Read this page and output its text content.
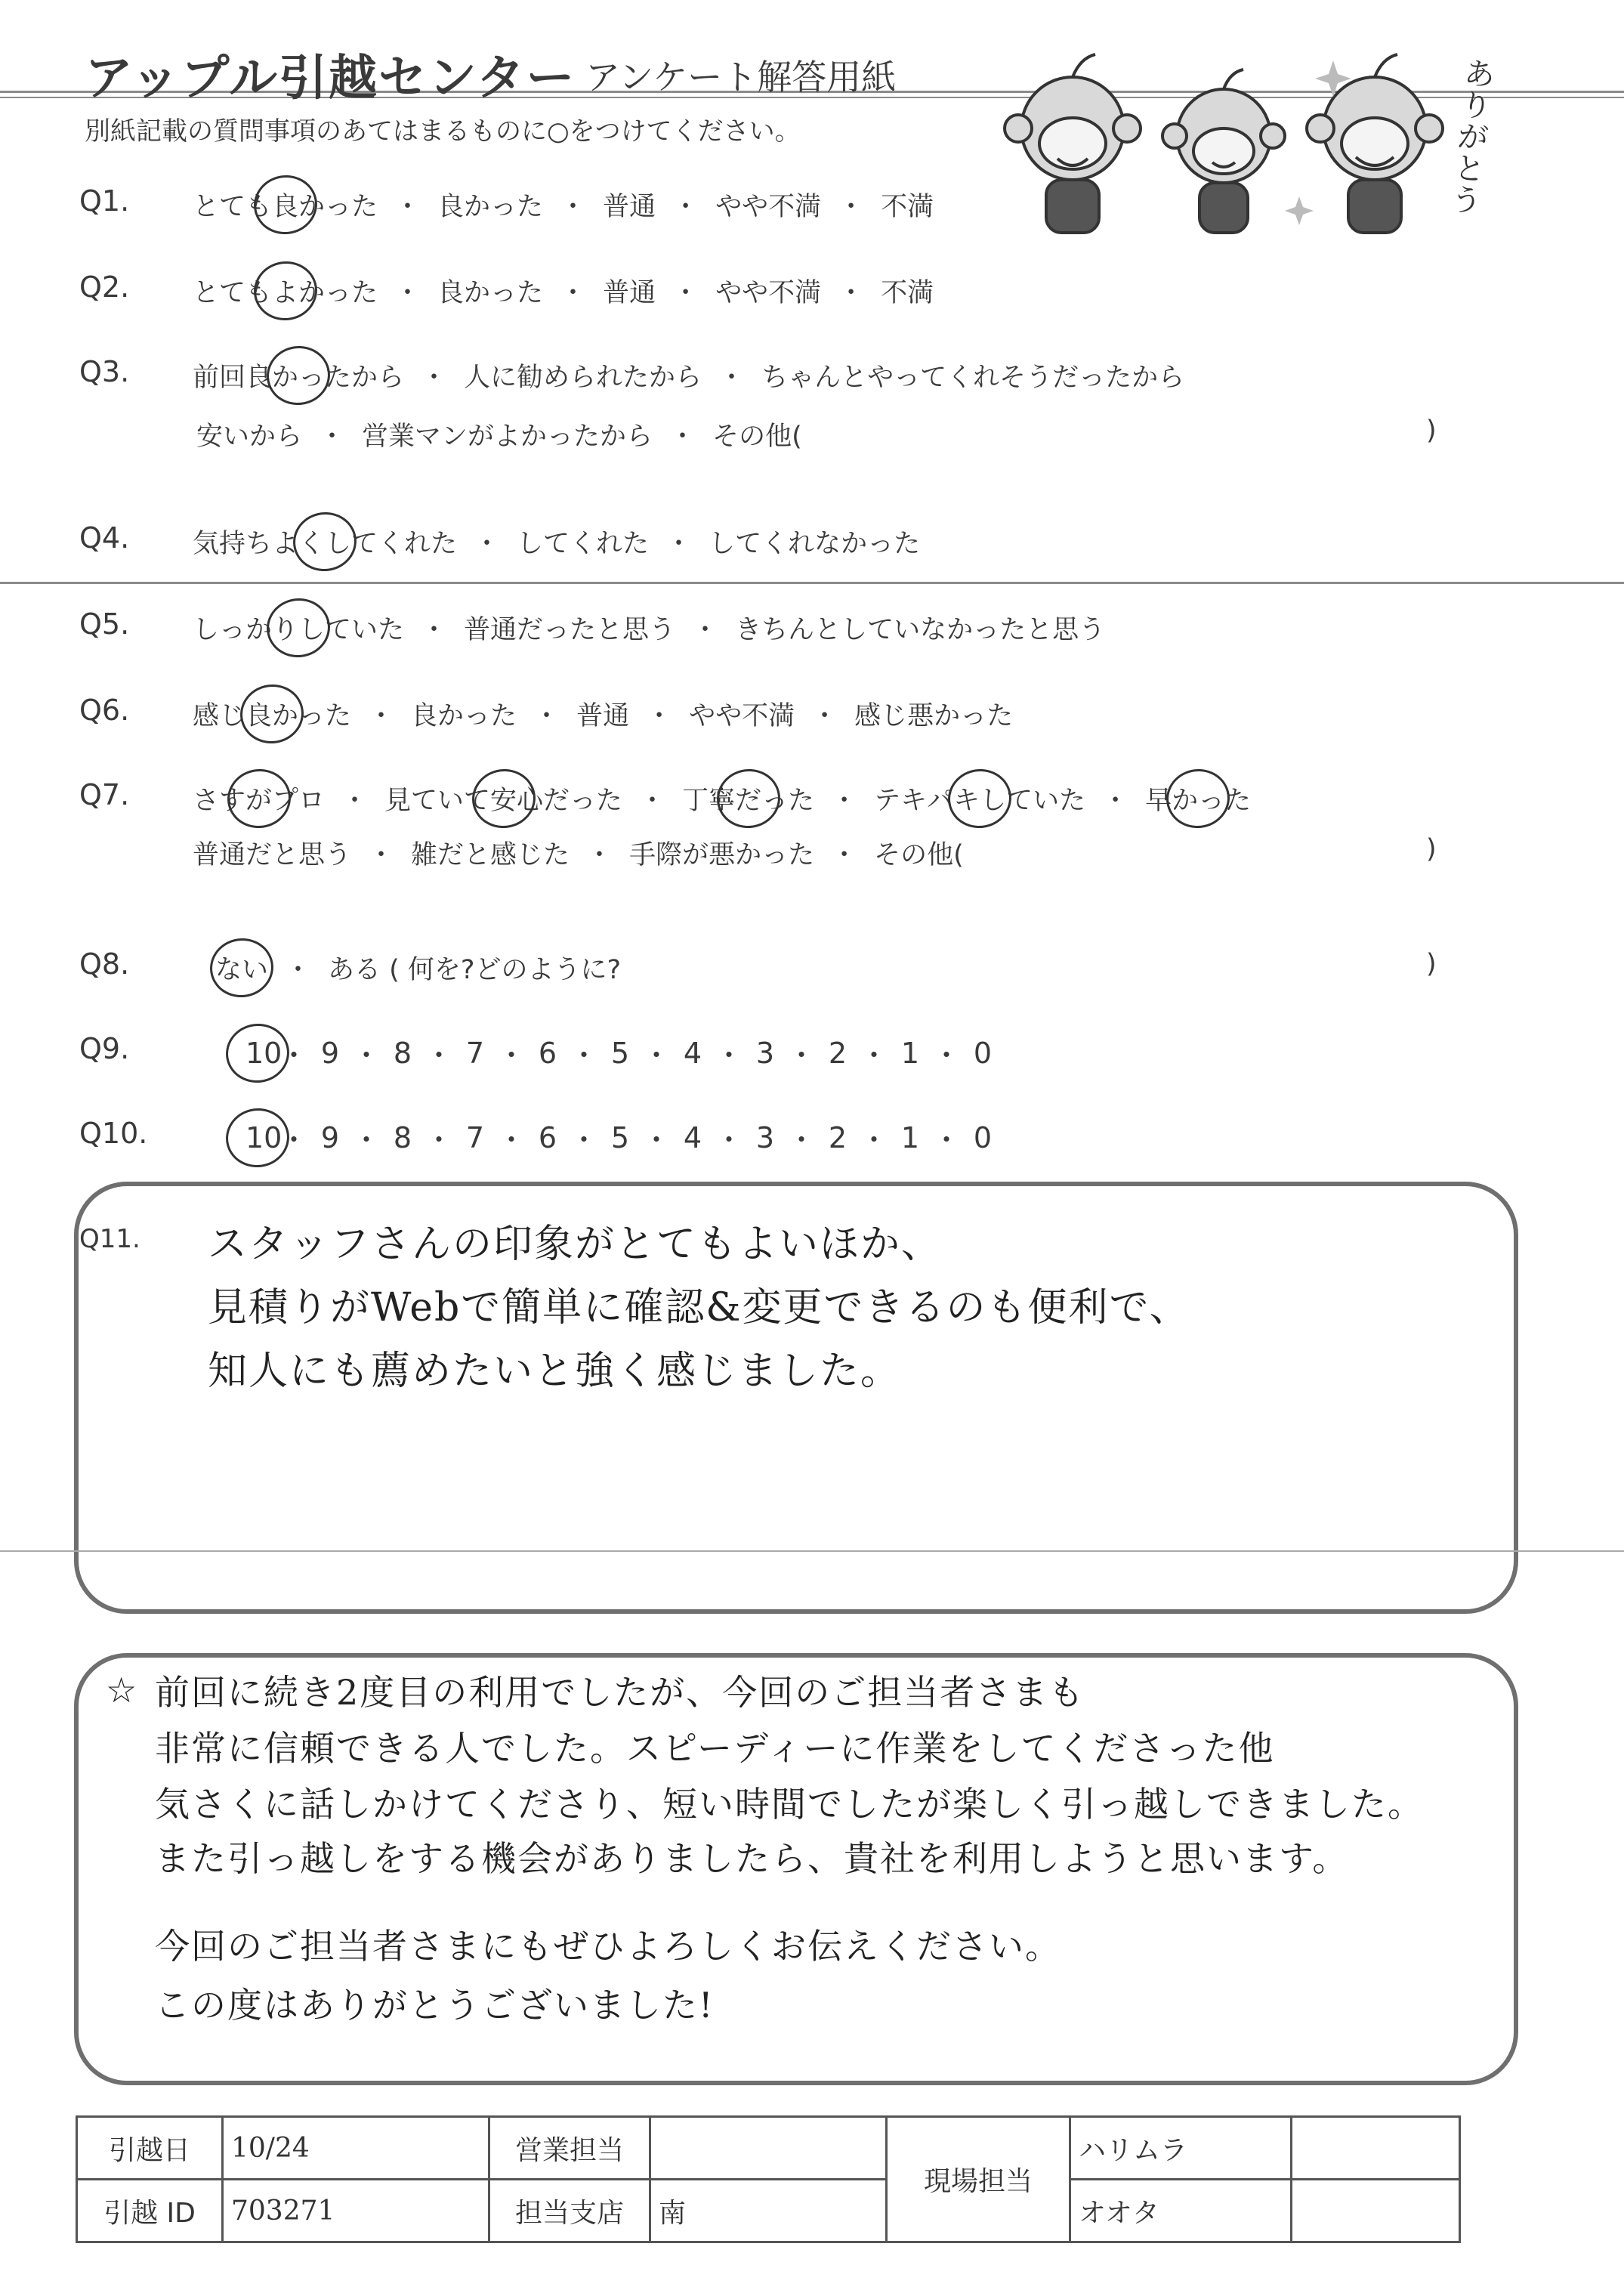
アップル引越センター アンケート解答用紙
別紙記載の質問事項のあてはまるものに○をつけてください。
ありがとう
Q1.	とても良かった ・ 良かった ・ 普通 ・ やや不満 ・ 不満
Q2.	とてもよかった ・ 良かった ・ 普通 ・ やや不満 ・ 不満
Q3.	前回良かったから ・ 人に勧められたから ・ ちゃんとやってくれそうだったから
安いから ・ 営業マンがよかったから ・ その他(	)
Q4.	気持ちよくしてくれた ・ してくれた ・ してくれなかった
Q5.	しっかりしていた ・ 普通だったと思う ・ きちんとしていなかったと思う
Q6.	感じ良かった ・ 良かった ・ 普通 ・ やや不満 ・ 感じ悪かった
Q7.	さすがプロ ・ 見ていて安心だった ・ 丁寧だった ・ テキパキしていた ・ 早かった
普通だと思う ・ 雑だと感じた ・ 手際が悪かった ・ その他(	)
Q8.	ない ・ ある ( 何を?どのように?	)
Q9.	10
・ 9 ・ 8 ・ 7 ・ 6 ・ 5 ・ 4 ・ 3 ・ 2 ・ 1 ・ 0
Q10.	10
・ 9 ・ 8 ・ 7 ・ 6 ・ 5 ・ 4 ・ 3 ・ 2 ・ 1 ・ 0
Q11. スタッフさんの印象がとてもよいほか、
見積りがWebで簡単に確認&変更できるのも便利で、
知人にも薦めたいと強く感じました。
☆ 前回に続き2度目の利用でしたが、今回のご担当者さまも
非常に信頼できる人でした。スピーディーに作業をしてくださった他
気さくに話しかけてくださり、短い時間でしたが楽しく引っ越しできました。
また引っ越しをする機会がありましたら、貴社を利用しようと思います。
今回のご担当者さまにもぜひよろしくお伝えください。
この度はありがとうございました!
引越日	10/24	営業担当		現場担当	ハリムラ	
引越 ID	703271	担当支店	南		オオタ	
